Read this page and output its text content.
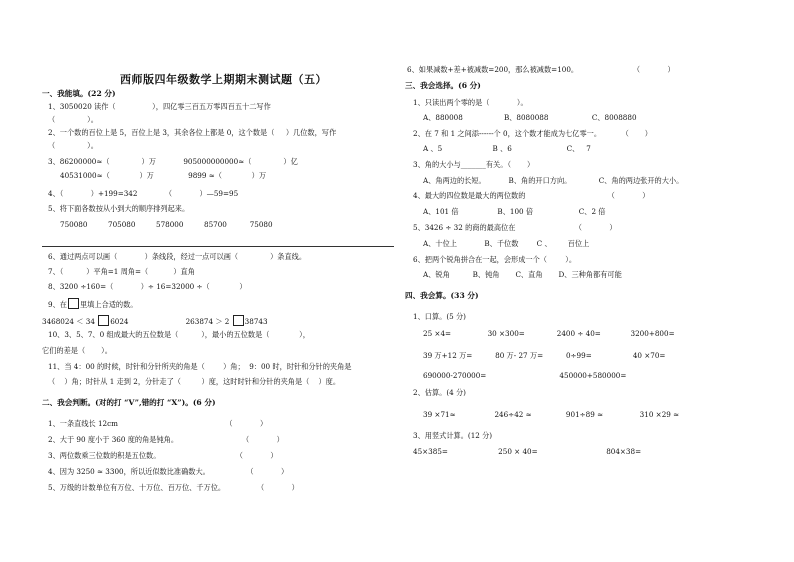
西师版四年级数学上期期末测试题（五）
一、我能填。(22 分)
1、3050020 读作（                ），四亿零三百五万零四百五十二写作
（              ）。
2、一个数的百位上是 5，百位上是 3，其余各位上都是 0，这个数是（     ）几位数，写作
（              ）。
3、86200000≈（              ）万            905000000000≈（              ）亿
40531000≈（             ）万               9899 ≈（             ）万
4、（            ）+199=342            （            ）—59=95
5、将下面各数按从小到大的顺序排列起来。
750080         705080         578000         85700          75080
6、通过两点可以画（            ）条线段，经过一点可以画（              ）条直线。
7、（          ）平角=1 周角=（           ）直角
8、3200 ÷160=（            ）÷ 16=32000 ÷（             ）
9、在 里填上合适的数。
3468024 ＜ 34 6024                         263874 ＞ 2 38743
10、3、5、7、0 组成最大的五位数是（          ），最小的五位数是（             ），
它们的差是（       ）。
11、当 4：00 的时候，时针和分针所夹的角是（        ）角；  9：00 时，时针和分针的夹角是
（    ）角；时针从 1 走到 2，分针走了（         ）度，这时时针和分针的夹角是（    ）度。
二、我会判断。(对的打 “V”,错的打 “X”)。(6 分)
1、一条直线长 12cm                                               （            ）
2、大于 90 度小于 360 度的角是钝角。                            （            ）
3、两位数乘三位数的积是五位数。                                 （            ）
4、因为 3250 ≈ 3300，所以近似数比准确数大。                （            ）
5、万级的计数单位有万位、十万位、百万位、千万位。              （            ）
6、如果减数+差+被减数=200，那么被减数=100。                        （            ）
三、我会选择。(6 分)
1、只读出两个零的是（            ）。
A、880008                  B、8080088                   C、8008880
2、在 7 和 1 之间添------个 0，这个数才能成为七亿零一。         （       ）
A 、5                      B 、6                        C、   7
3、角的大小与_______有关。（       ）
A、角两边的长短。          B、角的开口方向。            C、角的两边张开的大小。
4、最大的四位数是最大的两位数的                                    （            ）
A、101 倍                 B、100 倍                    C、2 倍
5、3426 ÷ 32 的商的最高位在                          （            ）
A、十位上            B、千位数        C 、       百位上
6、把两个锐角拼合在一起，会形成一个（        ）。
A、锐角          B、钝角       C、直角       D、三种角都有可能
四、我会算。(33 分)
1、口算。(5 分)
25 ×4=                30 ×300=              2400 ÷ 40=             3200+800=
39 万+12 万=          80 万- 27 万=          0÷99=                  40 ×70=
690000-270000=                                450000+580000=
2、估算。(4 分)
39 ×71≈                 246÷42 ≈               901÷89 ≈                310 ×29 ≈
3、用竖式计算。(12 分)
45×385=                      250 × 40=                              804×38=
